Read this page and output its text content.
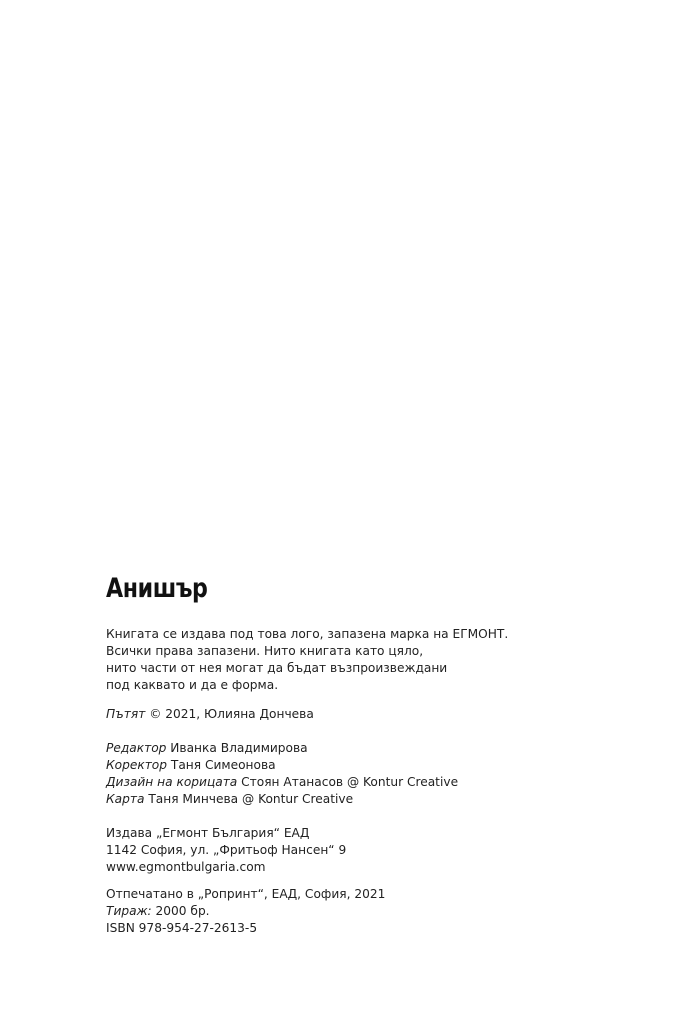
Анишър
Книгата се издава под това лого, запазена марка на ЕГМОНТ.
Всички права запазени. Нито книгата като цяло,
нито части от нея могат да бъдат възпроизвеждани
под каквато и да е форма.
Пътят © 2021, Юлияна Дончева
Редактор Иванка Владимирова
Коректор Таня Симеонова
Дизайн на корицата Стоян Атанасов @ Kontur Creative
Карта Таня Минчева @ Kontur Creative
Издава „Егмонт България“ ЕАД
1142 София, ул. „Фритьоф Нансен“ 9
www.egmontbulgaria.com
Отпечатано в „Ропринт“, ЕАД, София, 2021
Тираж: 2000 бр.
ISBN 978-954-27-2613-5
